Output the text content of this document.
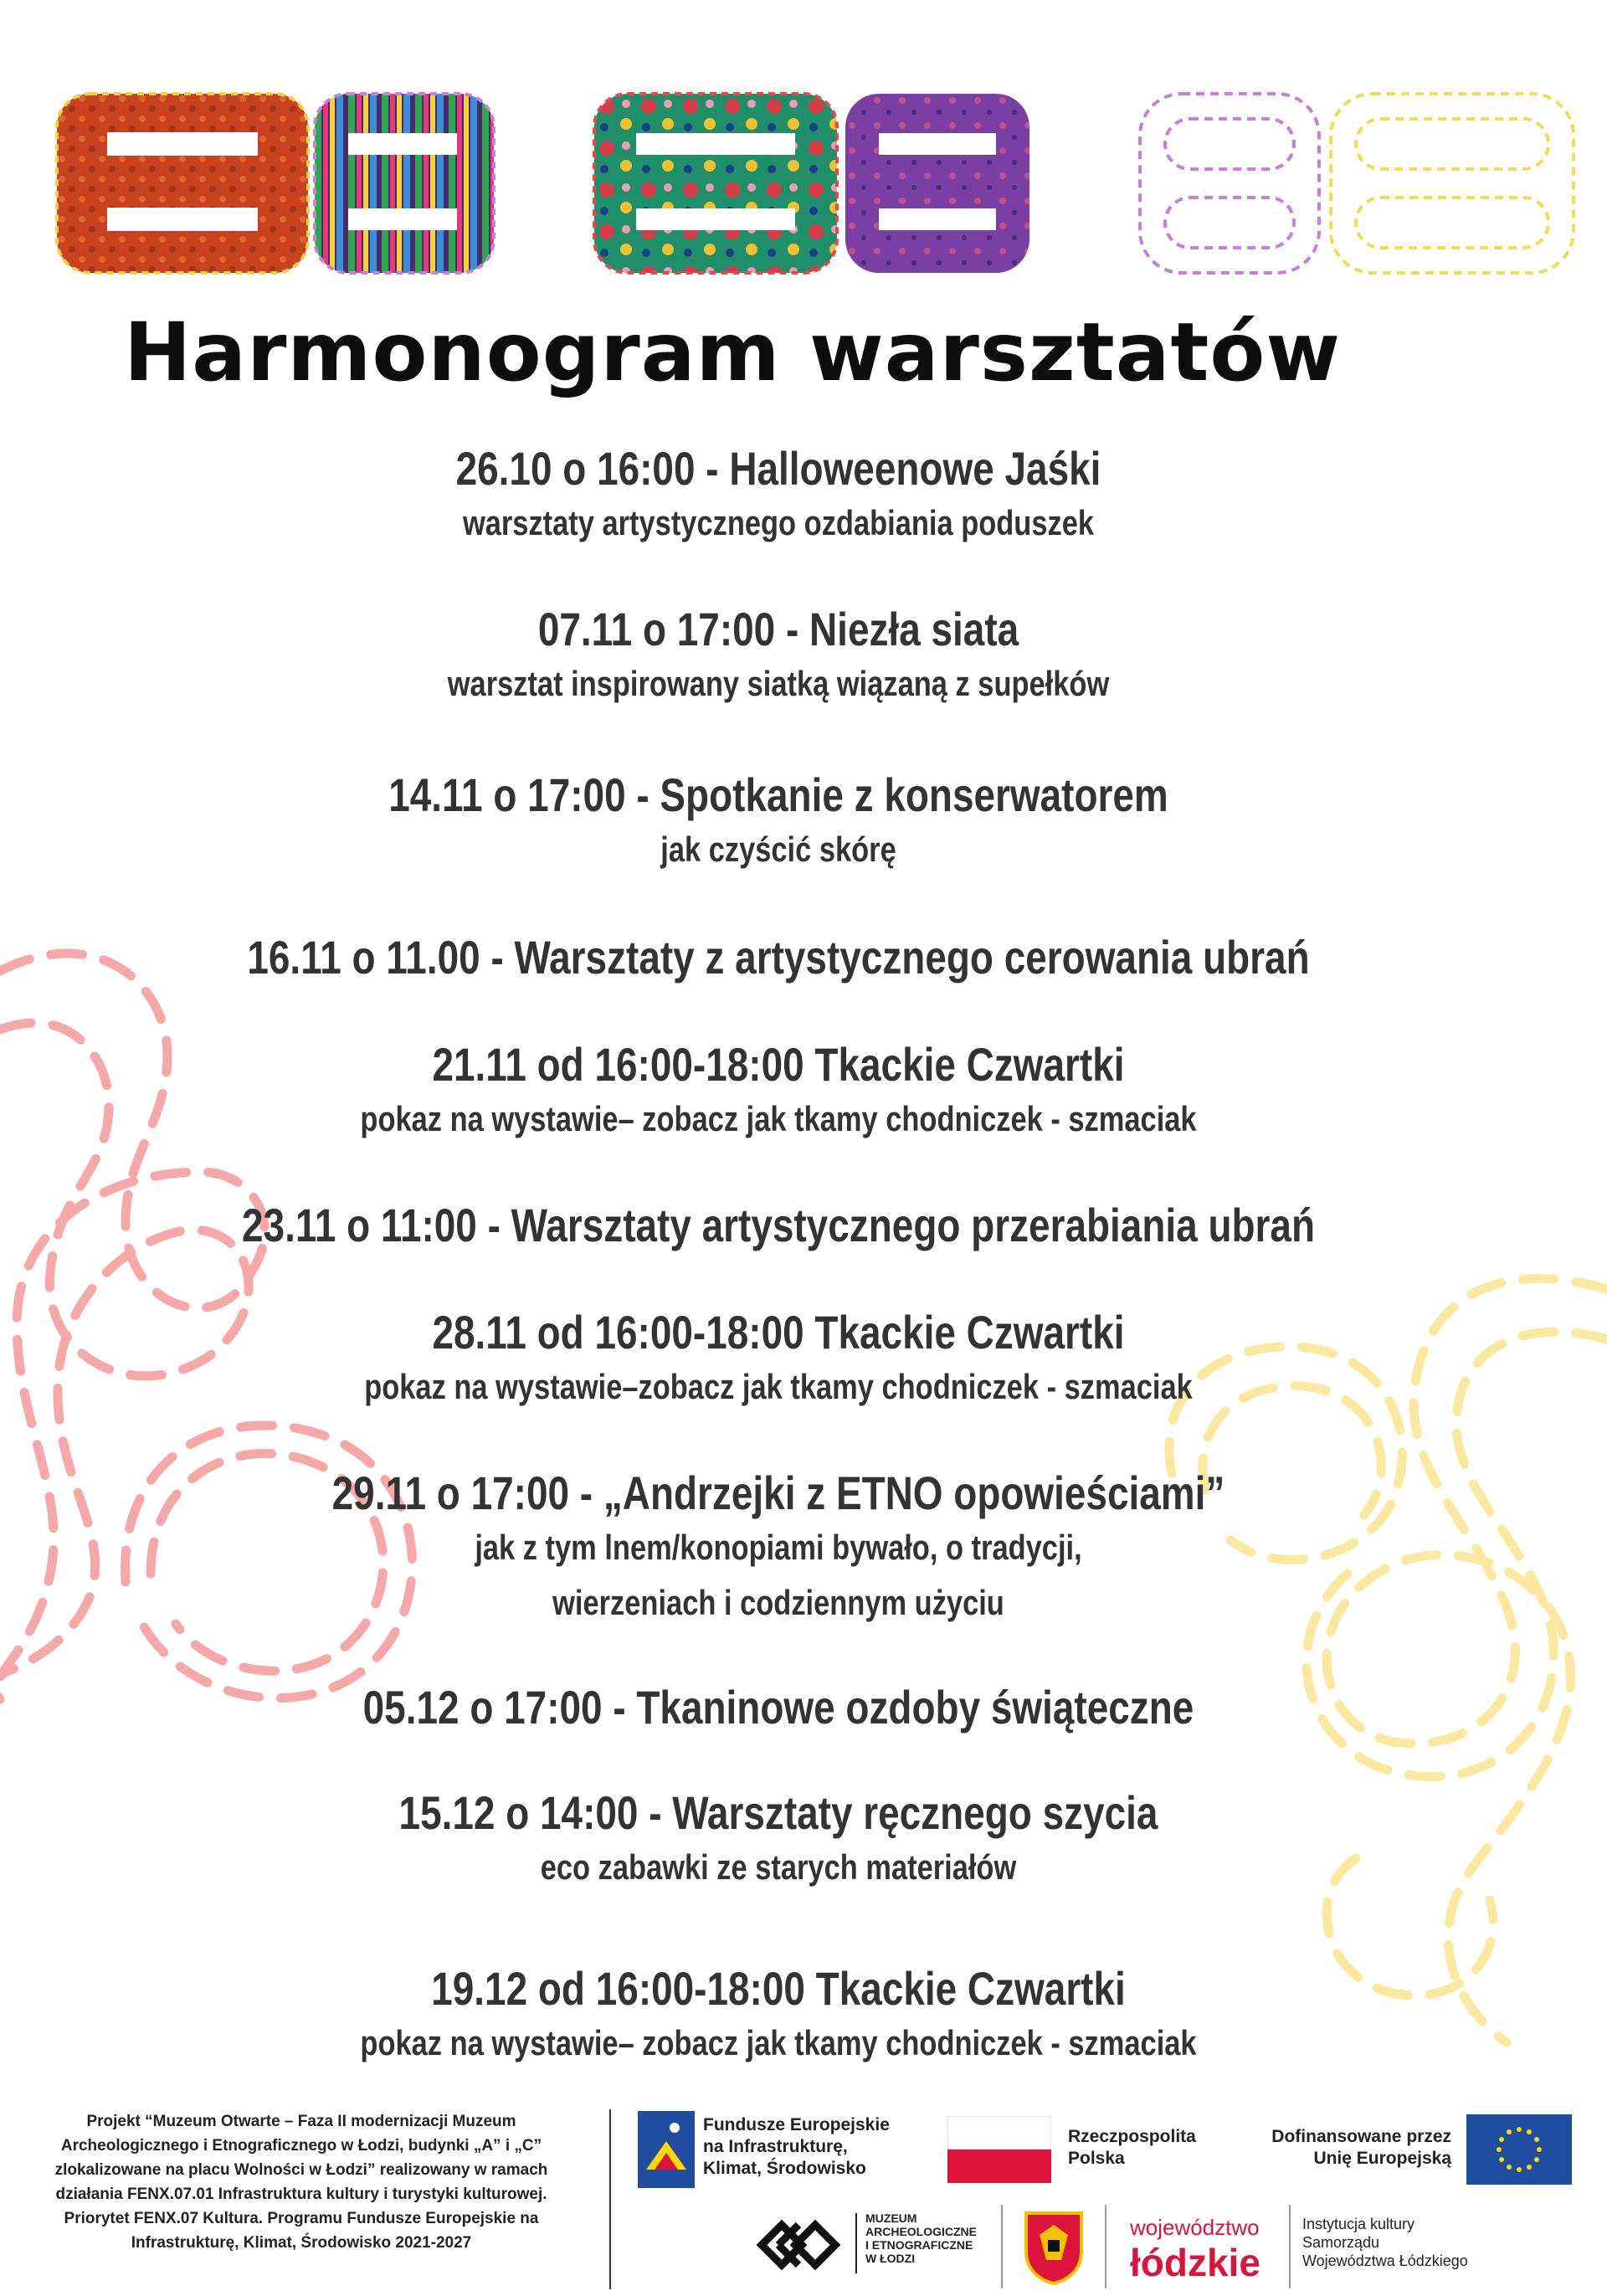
Harmonogram warsztatów
26.10 o 16:00 - Halloweenowe Jaśki
warsztaty artystycznego ozdabiania poduszek
07.11 o 17:00 - Niezła siata
warsztat inspirowany siatką wiązaną z supełków
14.11 o 17:00 - Spotkanie z konserwatorem
jak czyścić skórę
16.11 o 11.00 - Warsztaty z artystycznego cerowania ubrań
21.11 od 16:00-18:00 Tkackie Czwartki
pokaz na wystawie– zobacz jak tkamy chodniczek - szmaciak
23.11 o 11:00 - Warsztaty artystycznego przerabiania ubrań
28.11 od 16:00-18:00 Tkackie Czwartki
pokaz na wystawie–zobacz jak tkamy chodniczek - szmaciak
29.11 o 17:00 - „Andrzejki z ETNO opowieściami”
jak z tym lnem/konopiami bywało, o tradycji,
wierzeniach i codziennym użyciu
05.12 o 17:00 - Tkaninowe ozdoby świąteczne
15.12 o 14:00 - Warsztaty ręcznego szycia
eco zabawki ze starych materiałów
19.12 od 16:00-18:00 Tkackie Czwartki
pokaz na wystawie– zobacz jak tkamy chodniczek - szmaciak
Projekt “Muzeum Otwarte – Faza II modernizacji Muzeum Archeologicznego i Etnograficznego w Łodzi, budynki „A” i „C” zlokalizowane na placu Wolności w Łodzi” realizowany w ramach działania FENX.07.01 Infrastruktura kultury i turystyki kulturowej. Priorytet FENX.07 Kultura. Programu Fundusze Europejskie na Infrastrukturę, Klimat, Środowisko 2021-2027
Fundusze Europejskie
na Infrastrukturę,
Klimat, Środowisko
Rzeczpospolita
Polska
Dofinansowane przez
Unię Europejską
MUZEUM
ARCHEOLOGICZNE
I ETNOGRAFICZNE
W ŁODZI
województwo
łódzkie
Instytucja kultury
Samorządu
Województwa Łódzkiego
